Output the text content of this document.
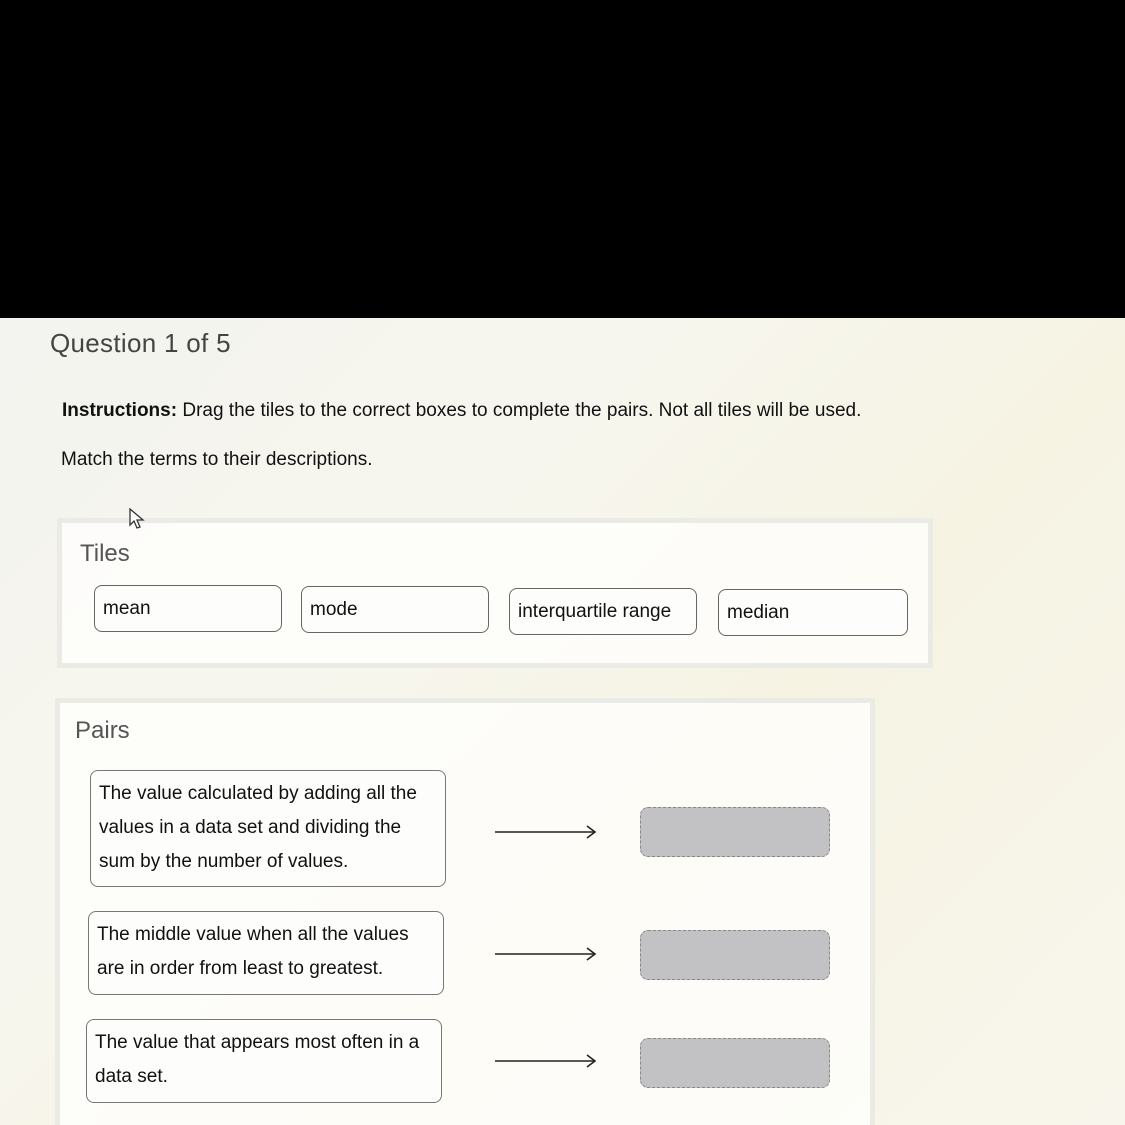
Question 1 of 5
Instructions: Drag the tiles to the correct boxes to complete the pairs. Not all tiles will be used.
Match the terms to their descriptions.
Tiles
mean	mode	interquartile range	median
Pairs
The value calculated by adding all the values in a data set and dividing the sum by the number of values.
The middle value when all the values are in order from least to greatest.
The value that appears most often in a data set.
